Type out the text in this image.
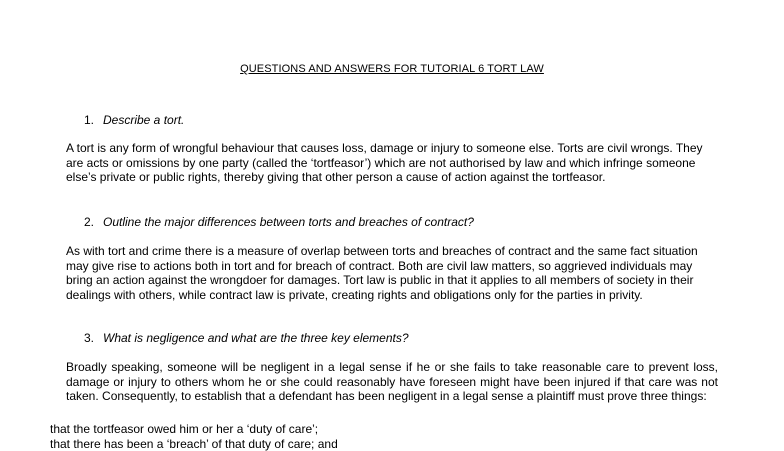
QUESTIONS AND ANSWERS FOR TUTORIAL 6 TORT LAW
1. Describe a tort.

A tort is any form of wrongful behaviour that causes loss, damage or injury to someone else. Torts are civil wrongs. They are acts or omissions by one party (called the ‘tortfeasor’) which are not authorised by law and which infringe someone else’s private or public rights, thereby giving that other person a cause of action against the tortfeasor.

2. Outline the major differences between torts and breaches of contract?

As with tort and crime there is a measure of overlap between torts and breaches of contract and the same fact situation may give rise to actions both in tort and for breach of contract. Both are civil law matters, so aggrieved individuals may bring an action against the wrongdoer for damages. Tort law is public in that it applies to all members of society in their dealings with others, while contract law is private, creating rights and obligations only for the parties in privity.

3. What is negligence and what are the three key elements?

Broadly speaking, someone will be negligent in a legal sense if he or she fails to take reasonable care to prevent loss, damage or injury to others whom he or she could reasonably have foreseen might have been injured if that care was not taken. Consequently, to establish that a defendant has been negligent in a legal sense a plaintiff must prove three things:

that the tortfeasor owed him or her a ‘duty of care’;
that there has been a ‘breach’ of that duty of care; and
